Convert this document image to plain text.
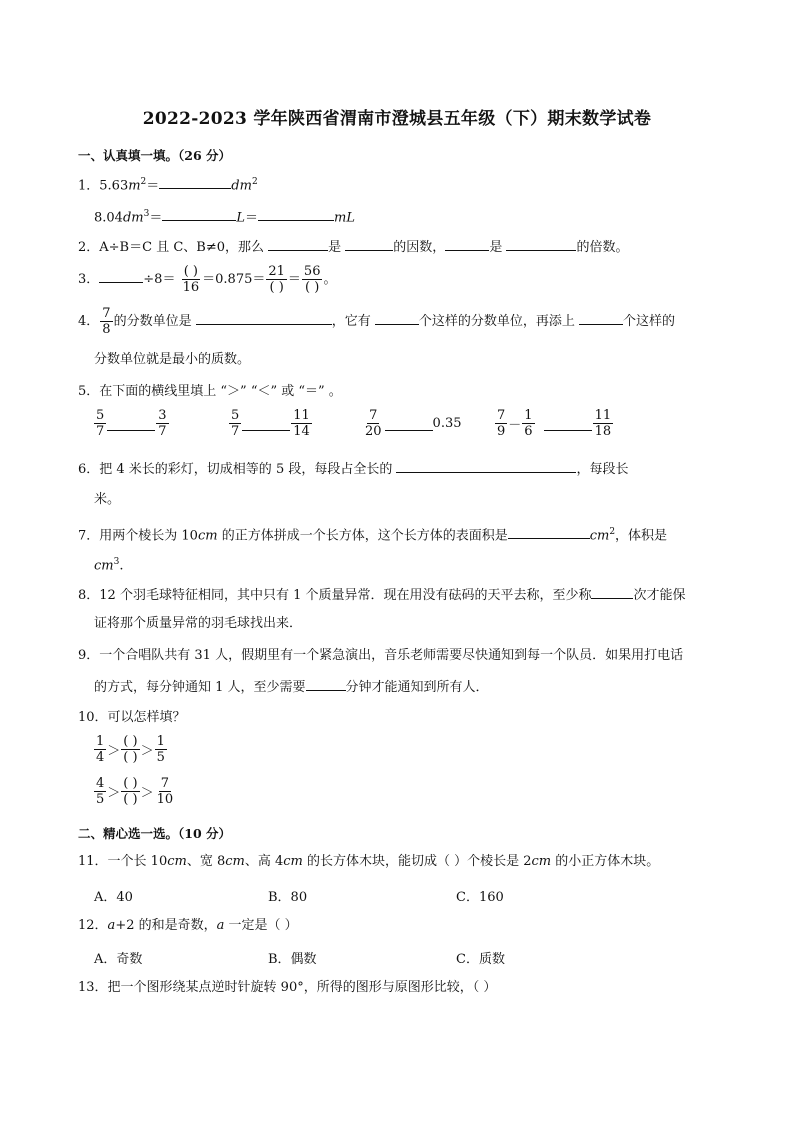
2022-2023 学年陕西省渭南市澄城县五年级（下）期末数学试卷
一、认真填一填。（26 分）
1．$5.63m^2=$	$dm^2$
$8.04dm^3=$	L＝	mL
2．A÷B＝C 且 C、B≠0，那么	是	的因数，	是	的倍数。
3．	$\div 8= \frac{( )}{16} =0.875= \frac{21}{( )} = \frac{56}{( )}$ 。
4． $\frac{7}{8}$ 的分数单位是	，它有	个这样的分数单位，再添上	个这样的
分数单位就是最小的质数。
5．在下面的横线里填上 “＞” “＜” 或 “＝” 。
$\frac{5}{7}$	$\frac{3}{7}$	$\frac{5}{7}$	$\frac{11}{14}$	$\frac{7}{20}$	0.35	$\frac{7}{9} - \frac{1}{6}$	$\frac{11}{18}$
6．把 4 米长的彩灯，切成相等的 5 段，每段占全长的	，每段长
米。
7．用两个棱长为 10cm 的正方体拼成一个长方体，这个长方体的表面积是	$cm^2$，体积是
$cm^3$.
8．12 个羽毛球特征相同，其中只有 1 个质量异常．现在用没有砝码的天平去称，至少称	次才能保
证将那个质量异常的羽毛球找出来．
9．一个合唱队共有 31 人，假期里有一个紧急演出，音乐老师需要尽快通知到每一个队员．如果用打电话
的方式，每分钟通知 1 人，至少需要	分钟才能通知到所有人．
10．可以怎样填？
$\frac{1}{4} > \frac{( )}{( )} > \frac{1}{5}$
$\frac{4}{5} > \frac{( )}{( )} > \frac{7}{10}$
二、精心选一选。（10 分）
11．一个长 10cm、宽 8cm、高 4cm 的长方体木块，能切成（ ）个棱长是 2cm 的小正方体木块。
A．40	B．80	C．160
12．a+2 的和是奇数，a 一定是（ ）
A．奇数	B．偶数	C．质数
13．把一个图形绕某点逆时针旋转 90°，所得的图形与原图形比较，（ ）
